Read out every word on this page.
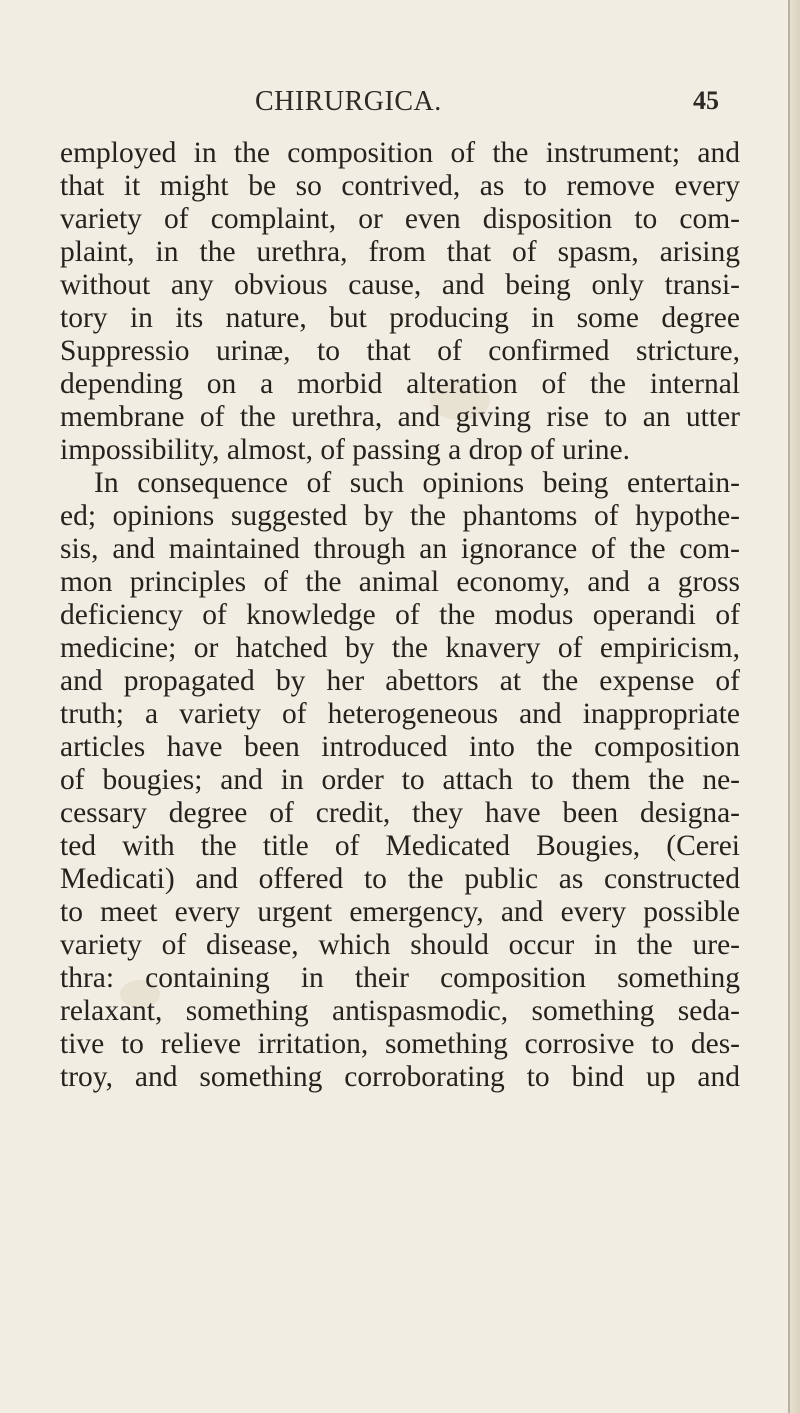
CHIRURGICA.	45
employed in the composition of the instrument; and
that it might be so contrived, as to remove every
variety of complaint, or even disposition to com-
plaint, in the urethra, from that of spasm, arising
without any obvious cause, and being only transi-
tory in its nature, but producing in some degree
Suppressio urinæ, to that of confirmed stricture,
depending on a morbid alteration of the internal
membrane of the urethra, and giving rise to an utter
impossibility, almost, of passing a drop of urine.
In consequence of such opinions being entertain-
ed; opinions suggested by the phantoms of hypothe-
sis, and maintained through an ignorance of the com-
mon principles of the animal economy, and a gross
deficiency of knowledge of the modus operandi of
medicine; or hatched by the knavery of empiricism,
and propagated by her abettors at the expense of
truth; a variety of heterogeneous and inappropriate
articles have been introduced into the composition
of bougies; and in order to attach to them the ne-
cessary degree of credit, they have been designa-
ted with the title of Medicated Bougies, (Cerei
Medicati) and offered to the public as constructed
to meet every urgent emergency, and every possible
variety of disease, which should occur in the ure-
thra: containing in their composition something
relaxant, something antispasmodic, something seda-
tive to relieve irritation, something corrosive to des-
troy, and something corroborating to bind up and
